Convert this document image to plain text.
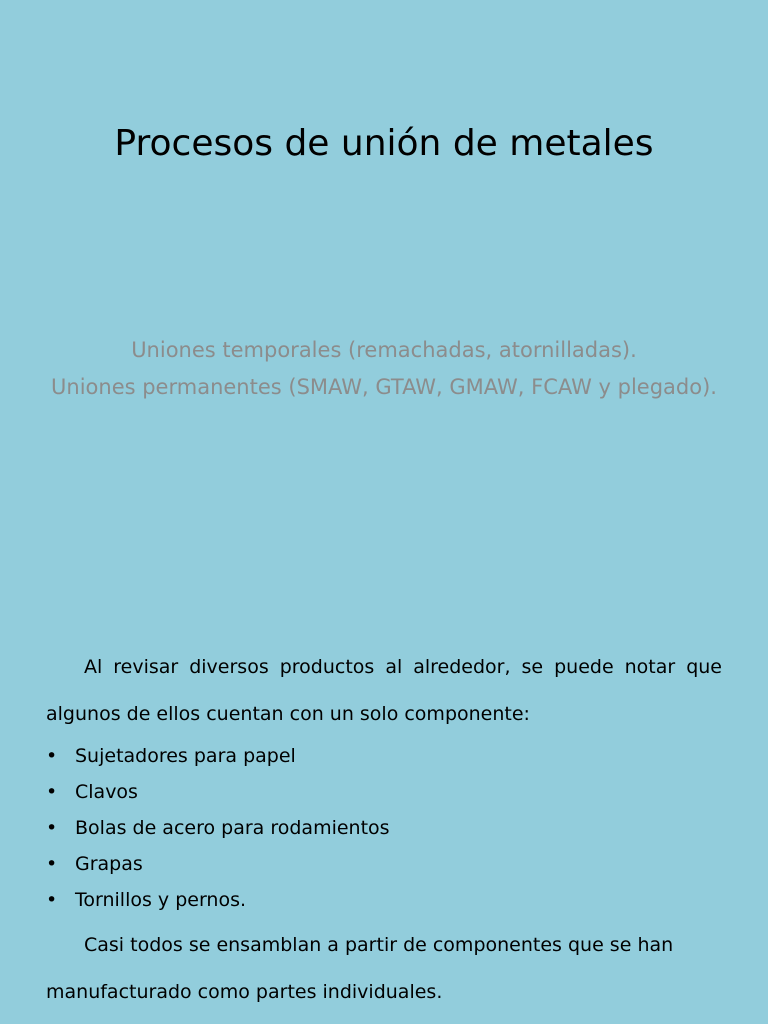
Procesos de unión de metales
Uniones temporales (remachadas, atornilladas).
Uniones permanentes (SMAW, GTAW, GMAW, FCAW y plegado).

Al revisar diversos productos al alrededor, se puede notar que algunos de ellos cuentan con un solo componente:

• Sujetadores para papel
• Clavos
• Bolas de acero para rodamientos
• Grapas
• Tornillos y pernos.

Casi todos se ensamblan a partir de componentes que se han manufacturado como partes individuales.
